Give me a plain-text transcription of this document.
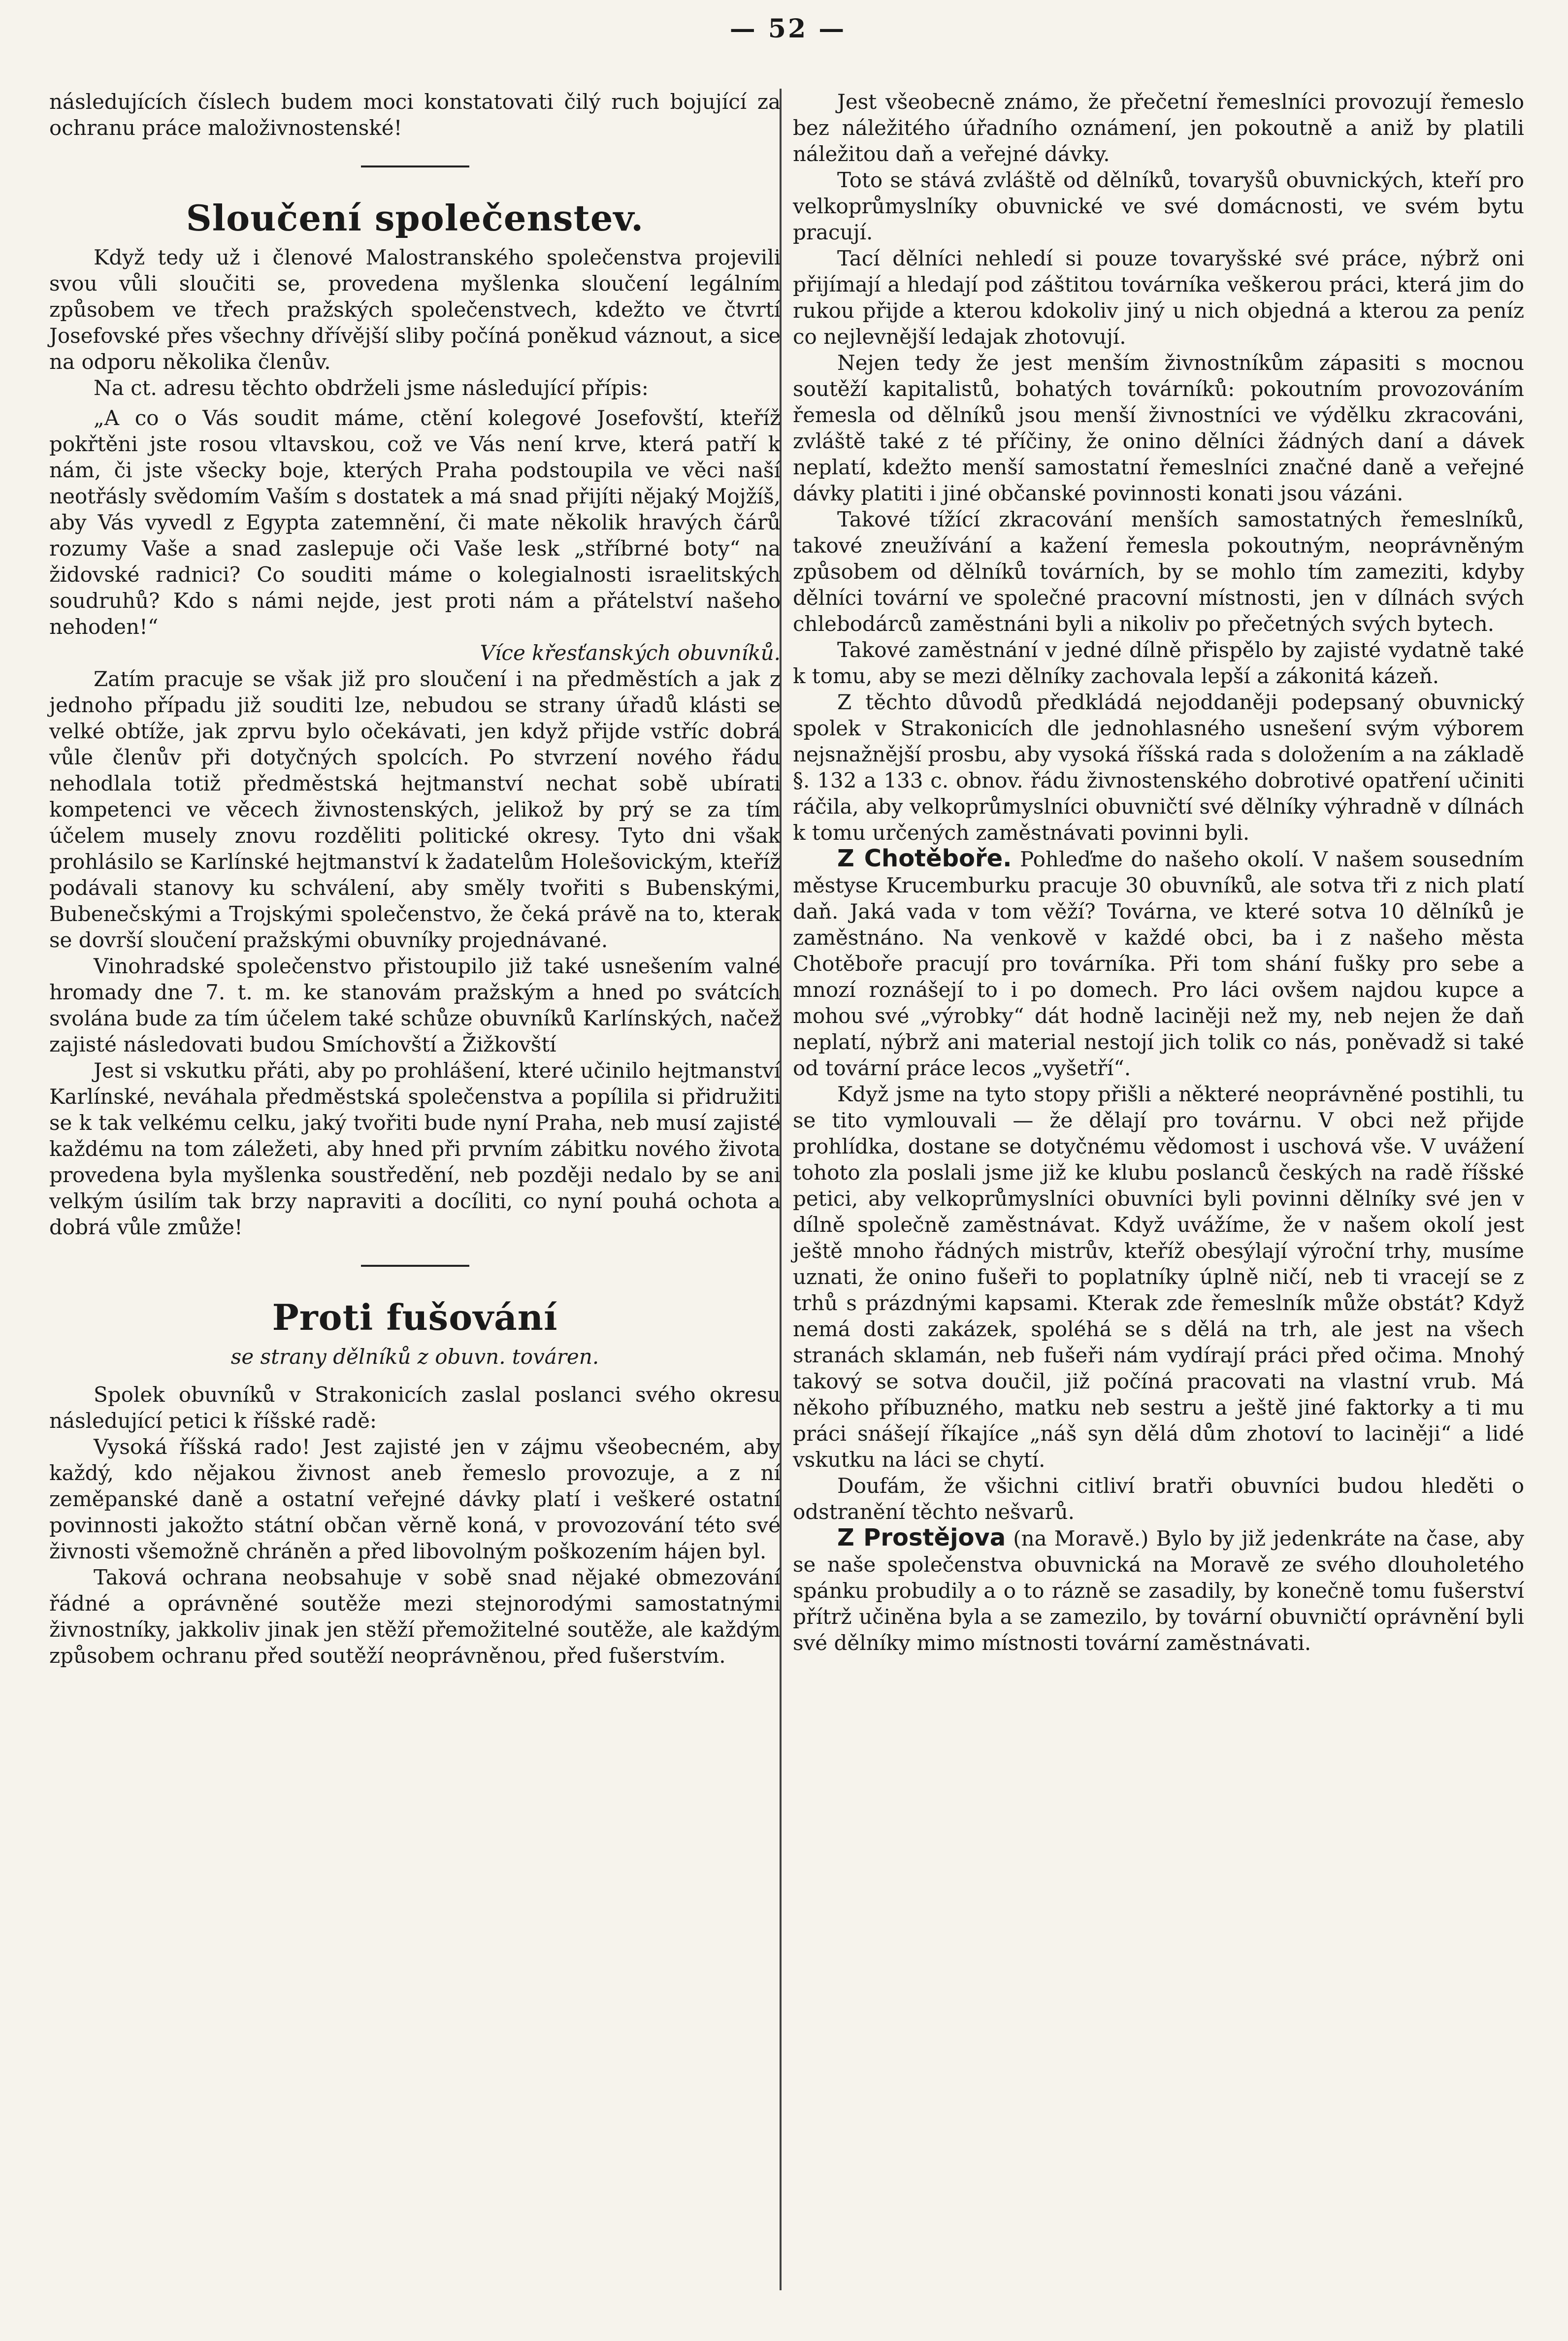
— 52 —

následujících číslech budem moci konstatovati čilý ruch bojující za ochranu práce maloživnostenské!

Sloučení společenstev.

Když tedy už i členové Malostranského společenstva projevili svou vůli sloučiti se, provedena myšlenka sloučení legálním způsobem ve třech pražských společenstvech, kdežto ve čtvrtí Josefovské přes všechny dřívější sliby počíná poněkud váznout, a sice na odporu několika členův.

Na ct. adresu těchto obdrželi jsme následující přípis:

„A co o Vás soudit máme, ctění kolegové Josefovští, kteříž pokřtěni jste rosou vltavskou, což ve Vás není krve, která patří k nám, či jste všecky boje, kterých Praha podstoupila ve věci naší neotřásly svědomím Vaším s dostatek a má snad přijíti nějaký Mojžíš, aby Vás vyvedl z Egypta zatemnění, či mate několik hravých čárů rozumy Vaše a snad zaslepuje oči Vaše lesk „stříbrné boty“ na židovské radnici? Co souditi máme o kolegialnosti israelitských soudruhů? Kdo s námi nejde, jest proti nám a přátelství našeho nehoden!“

Více křesťanských obuvníků.

Zatím pracuje se však již pro sloučení i na předměstích a jak z jednoho případu již souditi lze, nebudou se strany úřadů klásti se velké obtíže, jak zprvu bylo očekávati, jen když přijde vstříc dobrá vůle členův při dotyčných spolcích. Po stvrzení nového řádu nehodlala totiž předměstská hejtmanství nechat sobě ubírati kompetenci ve věcech živnostenských, jelikož by prý se za tím účelem musely znovu rozděliti politické okresy. Tyto dni však prohlásilo se Karlínské hejtmanství k žadatelům Holešovickým, kteříž podávali stanovy ku schválení, aby směly tvořiti s Bubenskými, Bubenečskými a Trojskými společenstvo, že čeká právě na to, kterak se dovrší sloučení pražskými obuvníky projednávané.

Vinohradské společenstvo přistoupilo již také usnešením valné hromady dne 7. t. m. ke stanovám pražským a hned po svátcích svolána bude za tím účelem také schůze obuvníků Karlínských, načež zajisté následovati budou Smíchovští a Žižkovští

Jest si vskutku přáti, aby po prohlášení, které učinilo hejtmanství Karlínské, neváhala předměstská společenstva a popílila si přidružiti se k tak velkému celku, jaký tvořiti bude nyní Praha, neb musí zajisté každému na tom záležeti, aby hned při prvním zábitku nového života provedena byla myšlenka soustředění, neb později nedalo by se ani velkým úsilím tak brzy napraviti a docíliti, co nyní pouhá ochota a dobrá vůle zmůže!

Proti fušování

se strany dělníků z obuvn. továren.

Spolek obuvníků v Strakonicích zaslal poslanci svého okresu následující petici k říšské radě:

Vysoká říšská rado! Jest zajisté jen v zájmu všeobecném, aby každý, kdo nějakou živnost aneb řemeslo provozuje, a z ní zeměpanské daně a ostatní veřejné dávky platí i veškeré ostatní povinnosti jakožto státní občan věrně koná, v provozování této své živnosti všemožně chráněn a před libovolným poškozením hájen byl.

Taková ochrana neobsahuje v sobě snad nějaké obmezování řádné a oprávněné soutěže mezi stejnorodými samostatnými živnostníky, jakkoliv jinak jen stěží přemožitelné soutěže, ale každým způsobem ochranu před soutěží neoprávněnou, před fušerstvím.

Jest všeobecně známo, že přečetní řemeslníci provozují řemeslo bez náležitého úřadního oznámení, jen pokoutně a aniž by platili náležitou daň a veřejné dávky.

Toto se stává zvláště od dělníků, tovaryšů obuvnických, kteří pro velkoprůmyslníky obuvnické ve své domácnosti, ve svém bytu pracují.

Tací dělníci nehledí si pouze tovaryšské své práce, nýbrž oni přijímají a hledají pod záštitou továrníka veškerou práci, která jim do rukou přijde a kterou kdokoliv jiný u nich objedná a kterou za peníz co nejlevnější ledajak zhotovují.

Nejen tedy že jest menším živnostníkům zápasiti s mocnou soutěží kapitalistů, bohatých továrníků: pokoutním provozováním řemesla od dělníků jsou menší živnostníci ve výdělku zkracováni, zvláště také z té příčiny, že onino dělníci žádných daní a dávek neplatí, kdežto menší samostatní řemeslníci značné daně a veřejné dávky platiti i jiné občanské povinnosti konati jsou vázáni.

Takové tížící zkracování menších samostatných řemeslníků, takové zneužívání a kažení řemesla pokoutným, neoprávněným způsobem od dělníků továrních, by se mohlo tím zameziti, kdyby dělníci tovární ve společné pracovní místnosti, jen v dílnách svých chlebodárců zaměstnáni byli a nikoliv po přečetných svých bytech.

Takové zaměstnání v jedné dílně přispělo by zajisté vydatně také k tomu, aby se mezi dělníky zachovala lepší a zákonitá kázeň.

Z těchto důvodů předkládá nejoddaněji podepsaný obuvnický spolek v Strakonicích dle jednohlasného usnešení svým výborem nejsnažnější prosbu, aby vysoká říšská rada s doložením a na základě §. 132 a 133 c. obnov. řádu živnostenského dobrotivé opatření učiniti ráčila, aby velkoprůmyslníci obuvničtí své dělníky výhradně v dílnách k tomu určených zaměstnávati povinni byli.

Z Chotěboře. Pohleďme do našeho okolí. V našem sousedním městyse Krucemburku pracuje 30 obuvníků, ale sotva tři z nich platí daň. Jaká vada v tom věží? Továrna, ve které sotva 10 dělníků je zaměstnáno. Na venkově v každé obci, ba i z našeho města Chotěboře pracují pro továrníka. Při tom shání fušky pro sebe a mnozí roznášejí to i po domech. Pro láci ovšem najdou kupce a mohou své „výrobky“ dát hodně laciněji než my, neb nejen že daň neplatí, nýbrž ani material nestojí jich tolik co nás, poněvadž si také od tovární práce lecos „vyšetří“.

Když jsme na tyto stopy přišli a některé neoprávněné postihli, tu se tito vymlouvali — že dělají pro továrnu. V obci než přijde prohlídka, dostane se dotyčnému vědomost i uschová vše. V uvážení tohoto zla poslali jsme již ke klubu poslanců českých na radě říšské petici, aby velkoprůmyslníci obuvníci byli povinni dělníky své jen v dílně společně zaměstnávat. Když uvážíme, že v našem okolí jest ještě mnoho řádných mistrův, kteříž obesýlají výroční trhy, musíme uznati, že onino fušeři to poplatníky úplně ničí, neb ti vracejí se z trhů s prázdnými kapsami. Kterak zde řemeslník může obstát? Když nemá dosti zakázek, spoléhá se s dělá na trh, ale jest na všech stranách sklamán, neb fušeři nám vydírají práci před očima. Mnohý takový se sotva doučil, již počíná pracovati na vlastní vrub. Má někoho příbuzného, matku neb sestru a ještě jiné faktorky a ti mu práci snášejí říkajíce „náš syn dělá dům zhotoví to laciněji“ a lidé vskutku na láci se chytí.

Doufám, že všichni citliví bratři obuvníci budou hleděti o odstranění těchto nešvarů.

Z Prostějova (na Moravě.) Bylo by již jedenkráte na čase, aby se naše společenstva obuvnická na Moravě ze svého dlouholetého spánku probudily a o to rázně se zasadily, by konečně tomu fušerství přítrž učiněna byla a se zamezilo, by tovární obuvničtí oprávnění byli své dělníky mimo místnosti tovární zaměstnávati.
